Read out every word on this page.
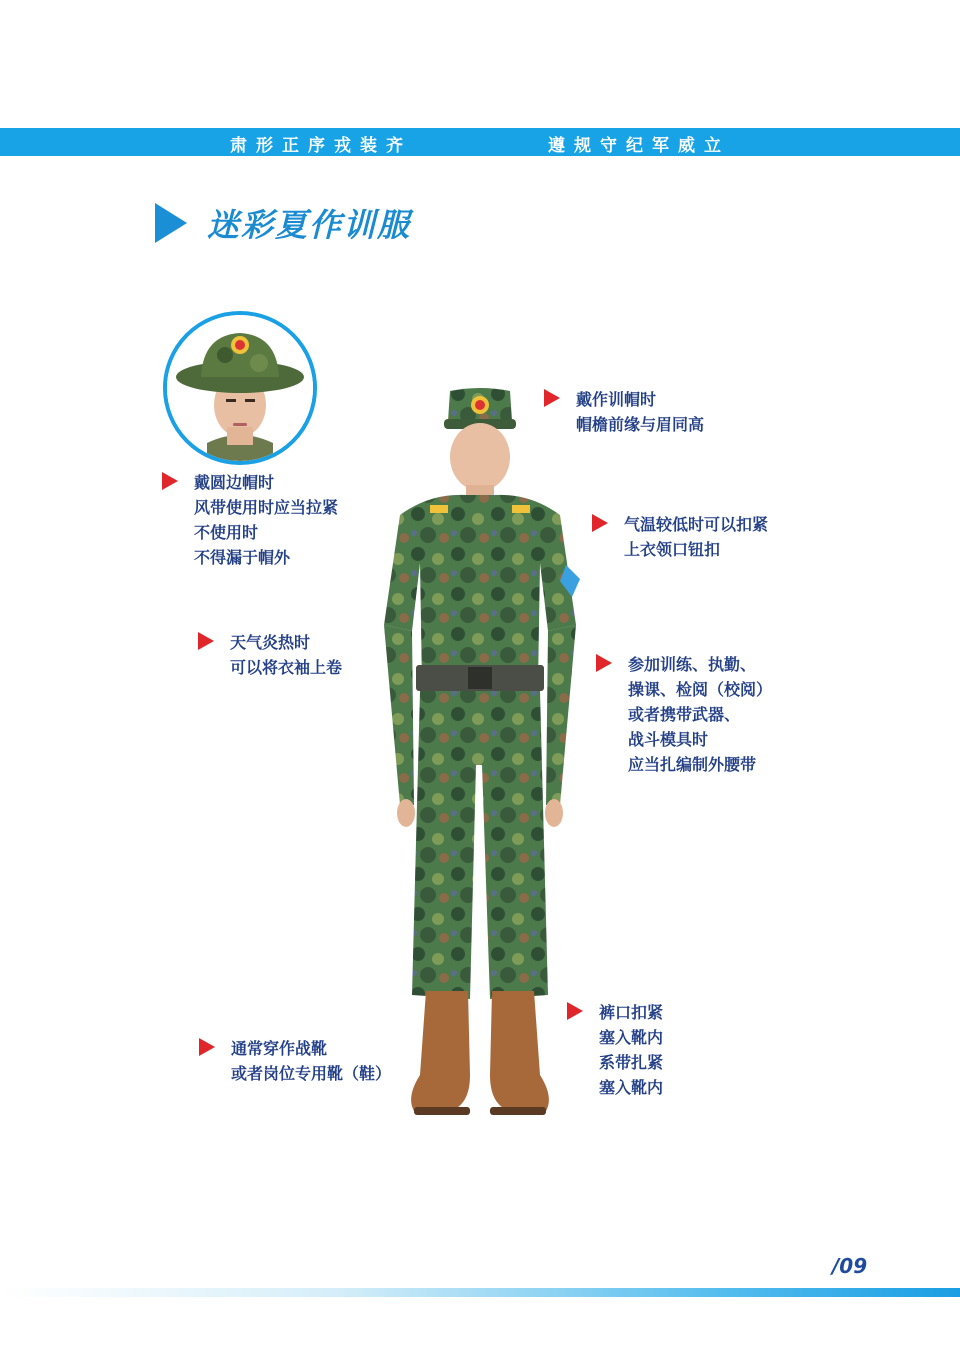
肃形正序戎装齐	遵规守纪军威立
迷彩夏作训服
戴圆边帽时
风带使用时应当拉紧
不使用时
不得漏于帽外
戴作训帽时
帽檐前缘与眉同高
气温较低时可以扣紧
上衣领口钮扣
天气炎热时
可以将衣袖上卷	参加训练、执勤、
操课、检阅（校阅）
或者携带武器、
战斗模具时
应当扎编制外腰带
裤口扣紧
塞入靴内
系带扎紧
塞入靴内
通常穿作战靴
或者岗位专用靴（鞋）
/09
